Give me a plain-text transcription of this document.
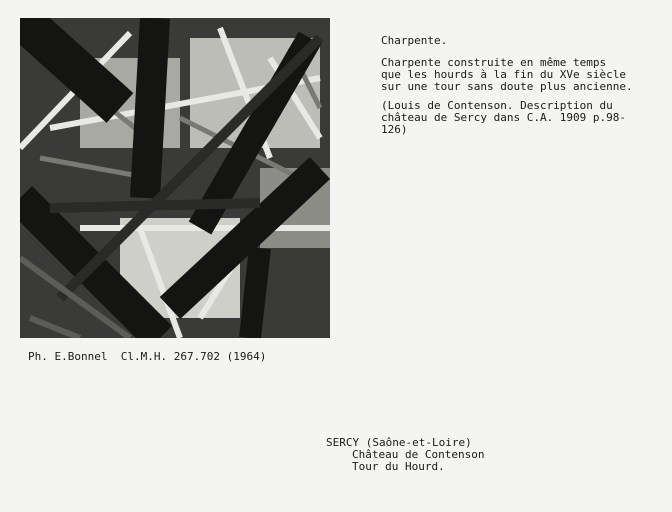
Charpente.
Charpente construite en même temps
que les hourds à la fin du XVe siècle
sur une tour sans doute plus ancienne.
(Louis de Contenson. Description du
château de Sercy dans C.A. 1909 p.98-
126)
Ph. E.Bonnel  Cl.M.H. 267.702 (1964)
SERCY (Saône-et-Loire)

Château de Contenson
Tour du Hourd.
